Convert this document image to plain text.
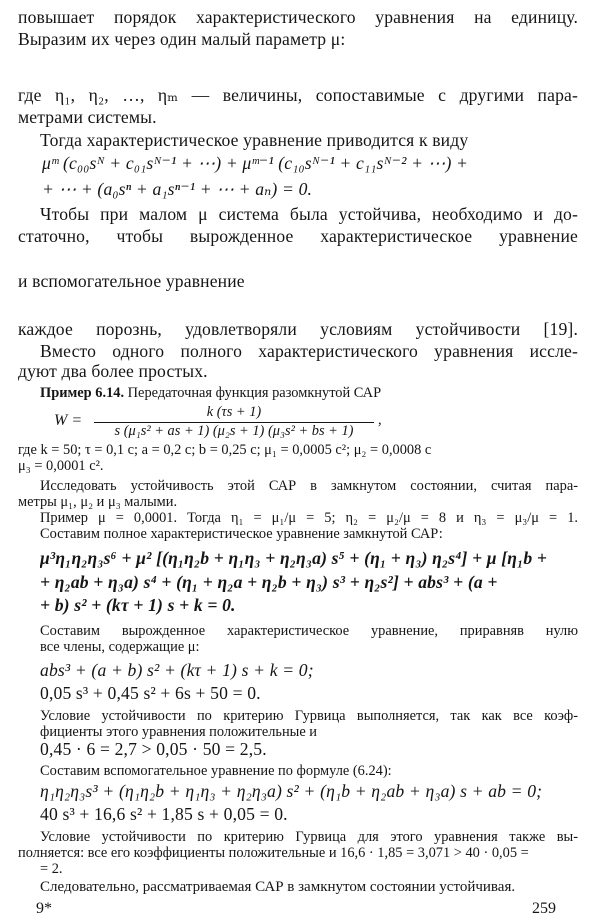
повышает порядок характеристического уравнения на единицу.
Выразим их через один малый параметр μ:
где η₁, η₂, …, ηₘ — величины, сопоставимые с другими пара-
метрами системы.
Тогда характеристическое уравнение приводится к виду
μᵐ (c₀₀sᴺ + c₀₁sᴺ⁻¹ + ⋯) + μᵐ⁻¹ (c₁₀sᴺ⁻¹ + c₁₁sᴺ⁻² + ⋯) +
+ ⋯ + (a₀sⁿ + a₁sⁿ⁻¹ + ⋯ + aₙ) = 0.
Чтобы при малом μ система была устойчива, необходимо и до-
статочно, чтобы вырожденное характеристическое уравнение
и вспомогательное уравнение
каждое порознь, удовлетворяли условиям устойчивости [19].
Вместо одного полного характеристического уравнения иссле-
дуют два более простых.
Пример 6.14. Передаточная функция разомкнутой САР
W =	k (τs + 1)
s (μ₁s² + as + 1) (μ₂s + 1) (μ₃s² + bs + 1)
,
где k = 50; τ = 0,1 с; a = 0,2 с; b = 0,25 с; μ₁ = 0,0005 с²; μ₂ = 0,0008 с
μ₃ = 0,0001 с².
Исследовать устойчивость этой САР в замкнутом состоянии, считая пара-
метры μ₁, μ₂ и μ₃ малыми.
Пример μ = 0,0001. Тогда η₁ = μ₁/μ = 5; η₂ = μ₂/μ = 8 и η₃ = μ₃/μ = 1.
Составим полное характеристическое уравнение замкнутой САР:
μ³η₁η₂η₃s⁶ + μ² [(η₁η₂b + η₁η₃ + η₂η₃a) s⁵ + (η₁ + η₃) η₂s⁴] + μ [η₁b +
+ η₂ab + η₃a) s⁴ + (η₁ + η₂a + η₂b + η₃) s³ + η₂s²] + abs³ + (a +
+ b) s² + (kτ + 1) s + k = 0.
Составим вырожденное характеристическое уравнение, приравняв нулю
все члены, содержащие μ:
abs³ + (a + b) s² + (kτ + 1) s + k = 0;
0,05 s³ + 0,45 s² + 6s + 50 = 0.
Условие устойчивости по критерию Гурвица выполняется, так как все коэф-
фициенты этого уравнения положительные и
0,45 · 6 = 2,7 > 0,05 · 50 = 2,5.
Составим вспомогательное уравнение по формуле (6.24):
η₁η₂η₃s³ + (η₁η₂b + η₁η₃ + η₂η₃a) s² + (η₁b + η₂ab + η₃a) s + ab = 0;
40 s³ + 16,6 s² + 1,85 s + 0,05 = 0.
Условие устойчивости по критерию Гурвица для этого уравнения также вы-
полняется: все его коэффициенты положительные и 16,6 · 1,85 = 3,071 > 40 · 0,05 =
= 2.
Следовательно, рассматриваемая САР в замкнутом состоянии устойчивая.
9*	259
